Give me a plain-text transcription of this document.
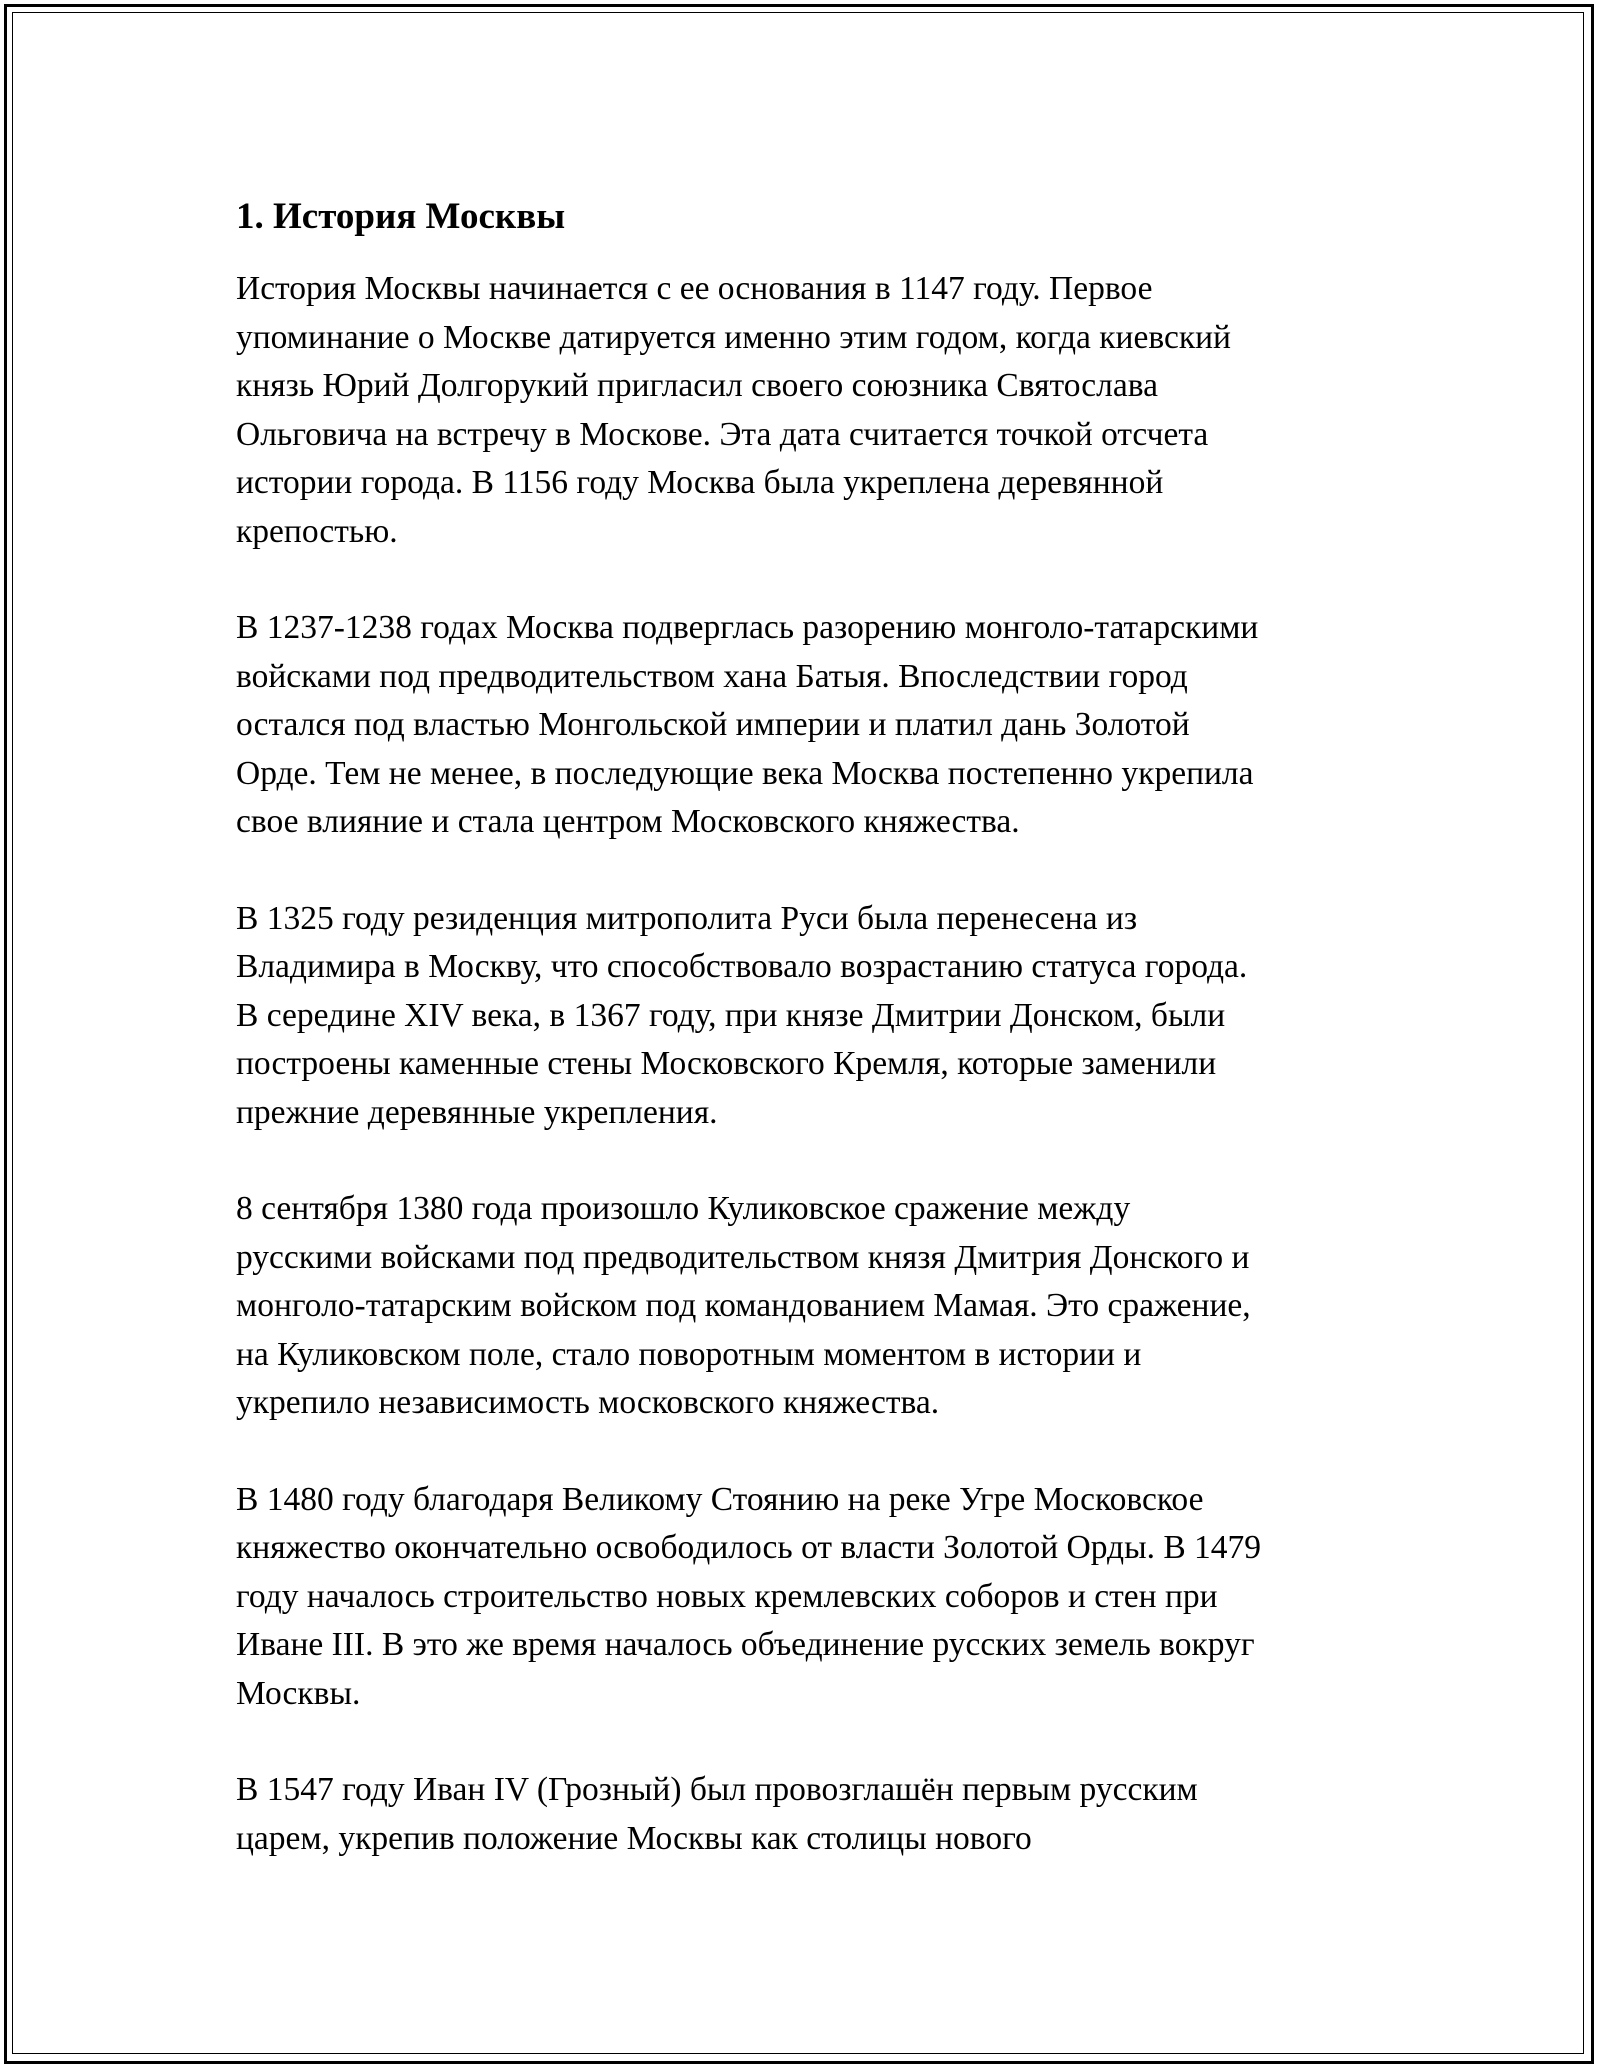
1. История Москвы

История Москвы начинается с ее основания в 1147 году. Первое
упоминание о Москве датируется именно этим годом, когда киевский
князь Юрий Долгорукий пригласил своего союзника Святослава
Ольговича на встречу в Москове. Эта дата считается точкой отсчета
истории города. В 1156 году Москва была укреплена деревянной
крепостью.

В 1237-1238 годах Москва подверглась разорению монголо-татарскими
войсками под предводительством хана Батыя. Впоследствии город
остался под властью Монгольской империи и платил дань Золотой
Орде. Тем не менее, в последующие века Москва постепенно укрепила
свое влияние и стала центром Московского княжества.

В 1325 году резиденция митрополита Руси была перенесена из
Владимира в Москву, что способствовало возрастанию статуса города.
В середине XIV века, в 1367 году, при князе Дмитрии Донском, были
построены каменные стены Московского Кремля, которые заменили
прежние деревянные укрепления.

8 сентября 1380 года произошло Куликовское сражение между
русскими войсками под предводительством князя Дмитрия Донского и
монголо-татарским войском под командованием Мамая. Это сражение,
на Куликовском поле, стало поворотным моментом в истории и
укрепило независимость московского княжества.

В 1480 году благодаря Великому Стоянию на реке Угре Московское
княжество окончательно освободилось от власти Золотой Орды. В 1479
году началось строительство новых кремлевских соборов и стен при
Иване III. В это же время началось объединение русских земель вокруг
Москвы.

В 1547 году Иван IV (Грозный) был провозглашён первым русским
царем, укрепив положение Москвы как столицы нового
